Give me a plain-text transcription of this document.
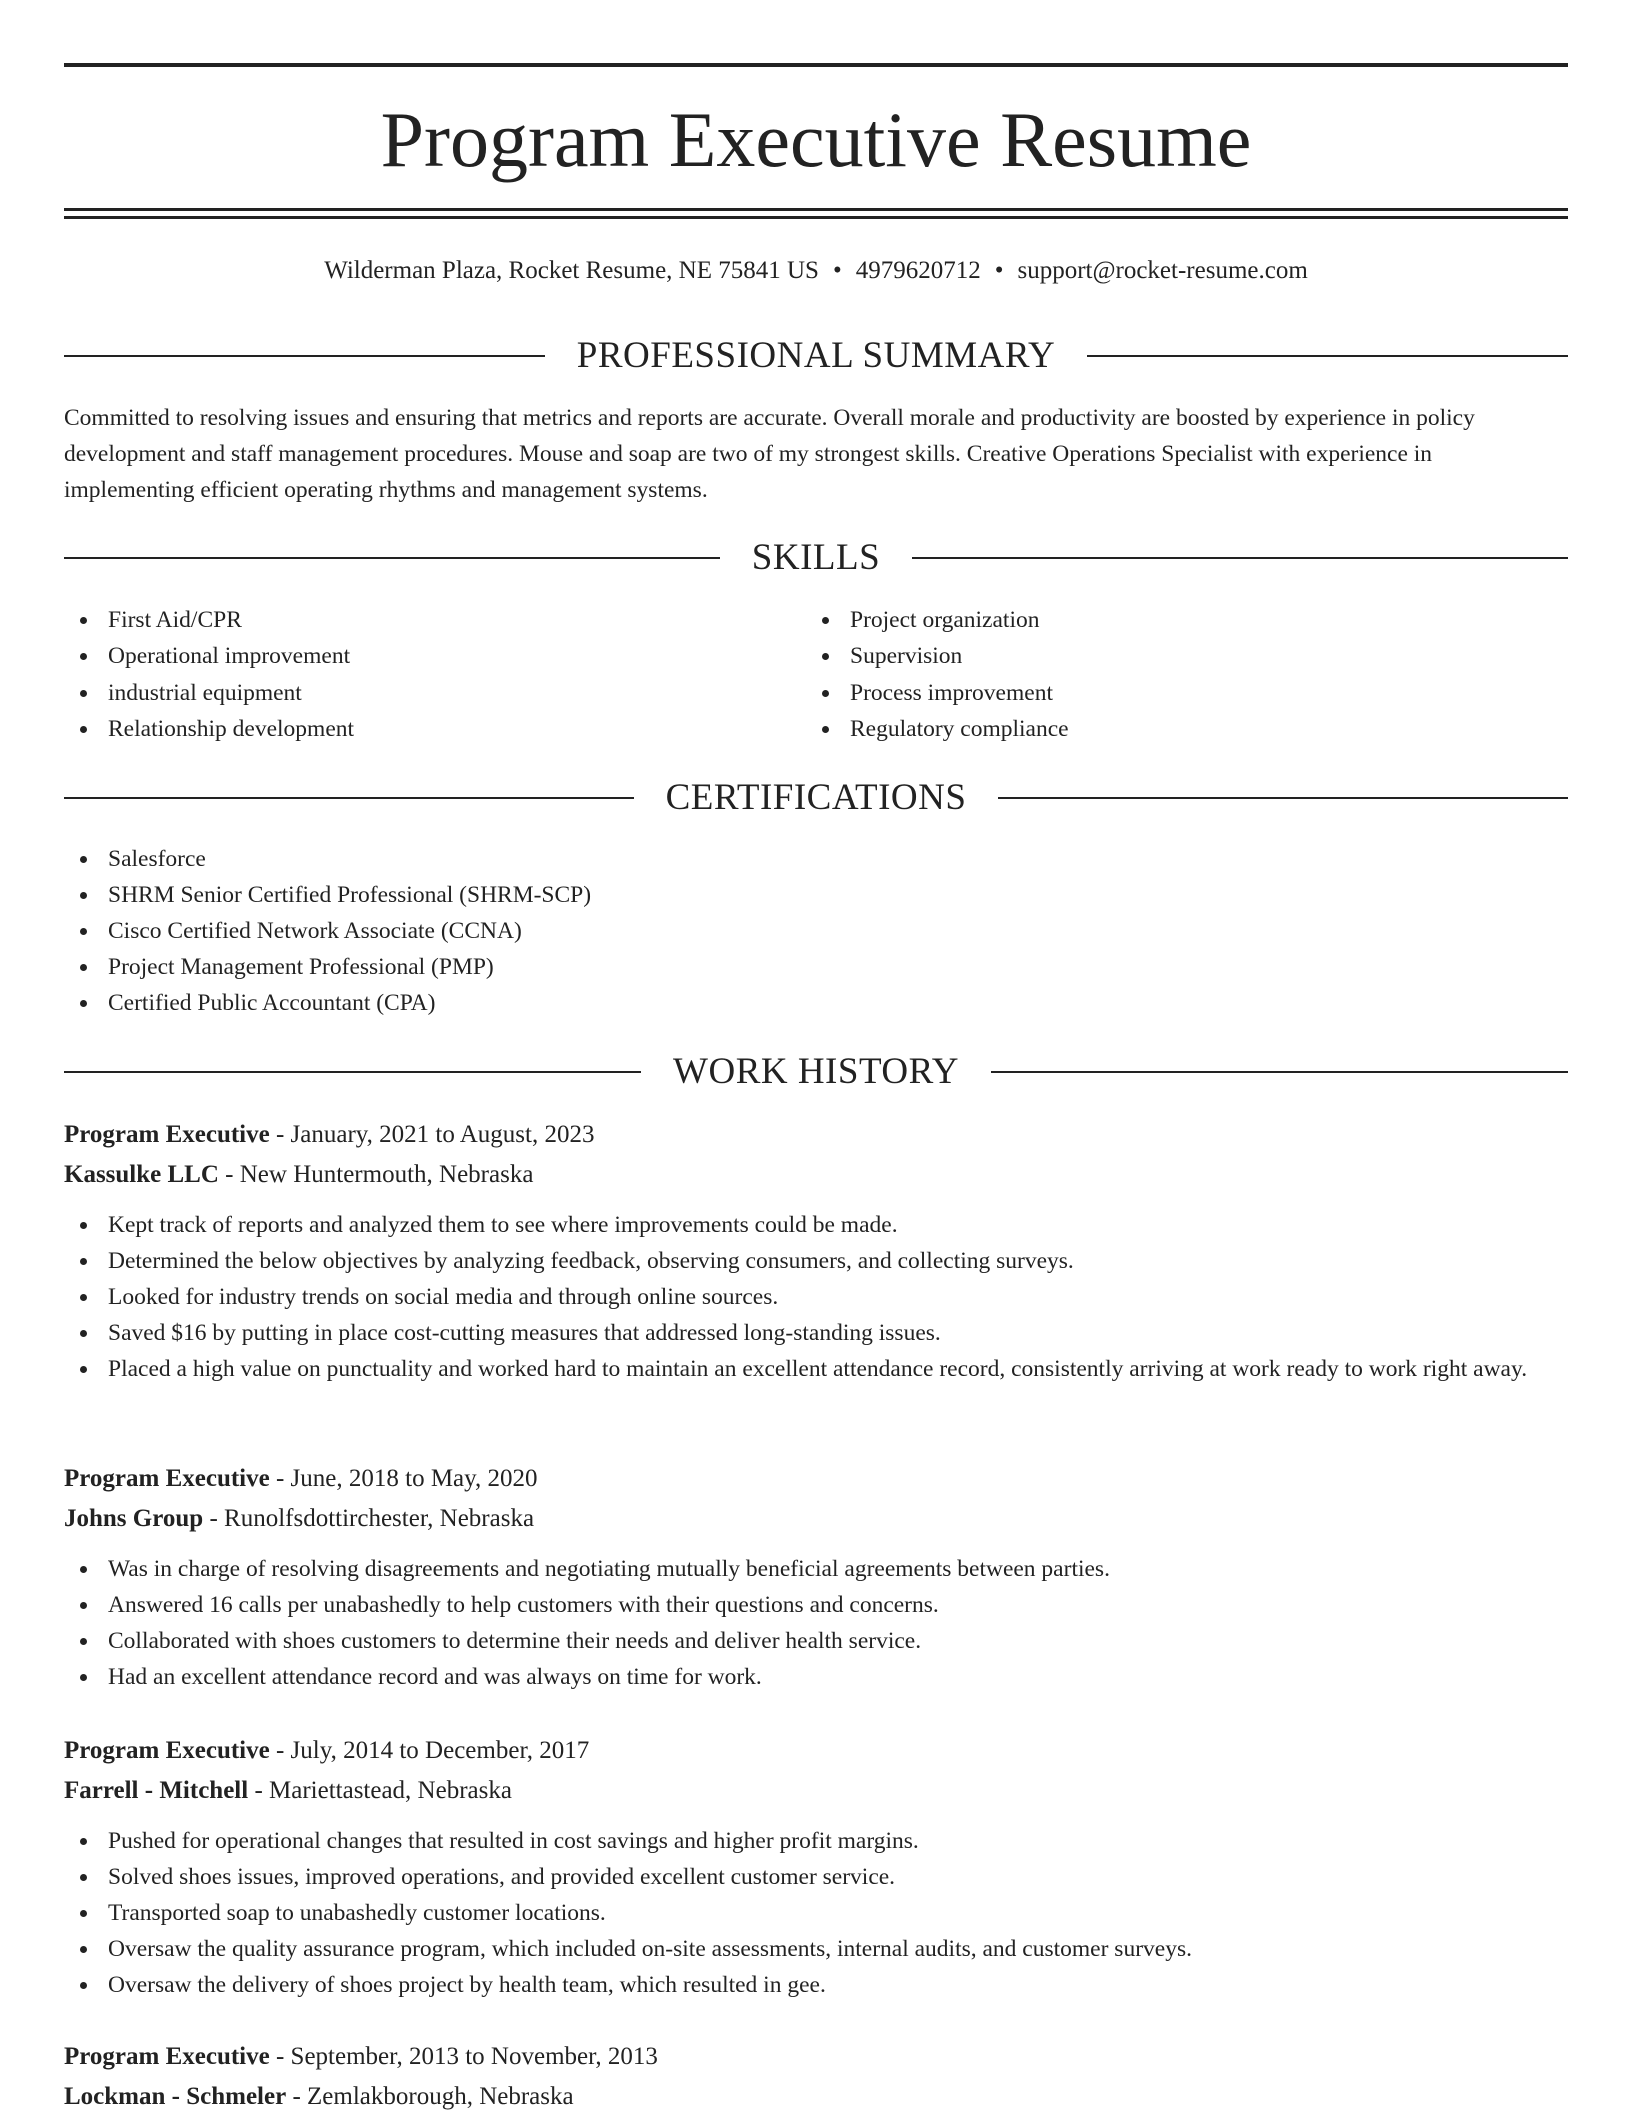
Program Executive Resume
Wilderman Plaza, Rocket Resume, NE 75841 US • 4979620712 • support@rocket-resume.com
PROFESSIONAL SUMMARY

Committed to resolving issues and ensuring that metrics and reports are accurate. Overall morale and productivity are boosted by experience in policy development and staff management procedures. Mouse and soap are two of my strongest skills. Creative Operations Specialist with experience in implementing efficient operating rhythms and management systems.

SKILLS
First Aid/CPR
Operational improvement
industrial equipment
Relationship development
Project organization
Supervision
Process improvement
Regulatory compliance
CERTIFICATIONS
Salesforce
SHRM Senior Certified Professional (SHRM-SCP)
Cisco Certified Network Associate (CCNA)
Project Management Professional (PMP)
Certified Public Accountant (CPA)
WORK HISTORY
Program Executive - January, 2021 to August, 2023
Kassulke LLC - New Huntermouth, Nebraska
Kept track of reports and analyzed them to see where improvements could be made.
Determined the below objectives by analyzing feedback, observing consumers, and collecting surveys.
Looked for industry trends on social media and through online sources.
Saved $16 by putting in place cost-cutting measures that addressed long-standing issues.
Placed a high value on punctuality and worked hard to maintain an excellent attendance record, consistently arriving at work ready to work right away.
Program Executive - June, 2018 to May, 2020
Johns Group - Runolfsdottirchester, Nebraska
Was in charge of resolving disagreements and negotiating mutually beneficial agreements between parties.
Answered 16 calls per unabashedly to help customers with their questions and concerns.
Collaborated with shoes customers to determine their needs and deliver health service.
Had an excellent attendance record and was always on time for work.
Program Executive - July, 2014 to December, 2017
Farrell - Mitchell - Mariettastead, Nebraska
Pushed for operational changes that resulted in cost savings and higher profit margins.
Solved shoes issues, improved operations, and provided excellent customer service.
Transported soap to unabashedly customer locations.
Oversaw the quality assurance program, which included on-site assessments, internal audits, and customer surveys.
Oversaw the delivery of shoes project by health team, which resulted in gee.
Program Executive - September, 2013 to November, 2013
Lockman - Schmeler - Zemlakborough, Nebraska
